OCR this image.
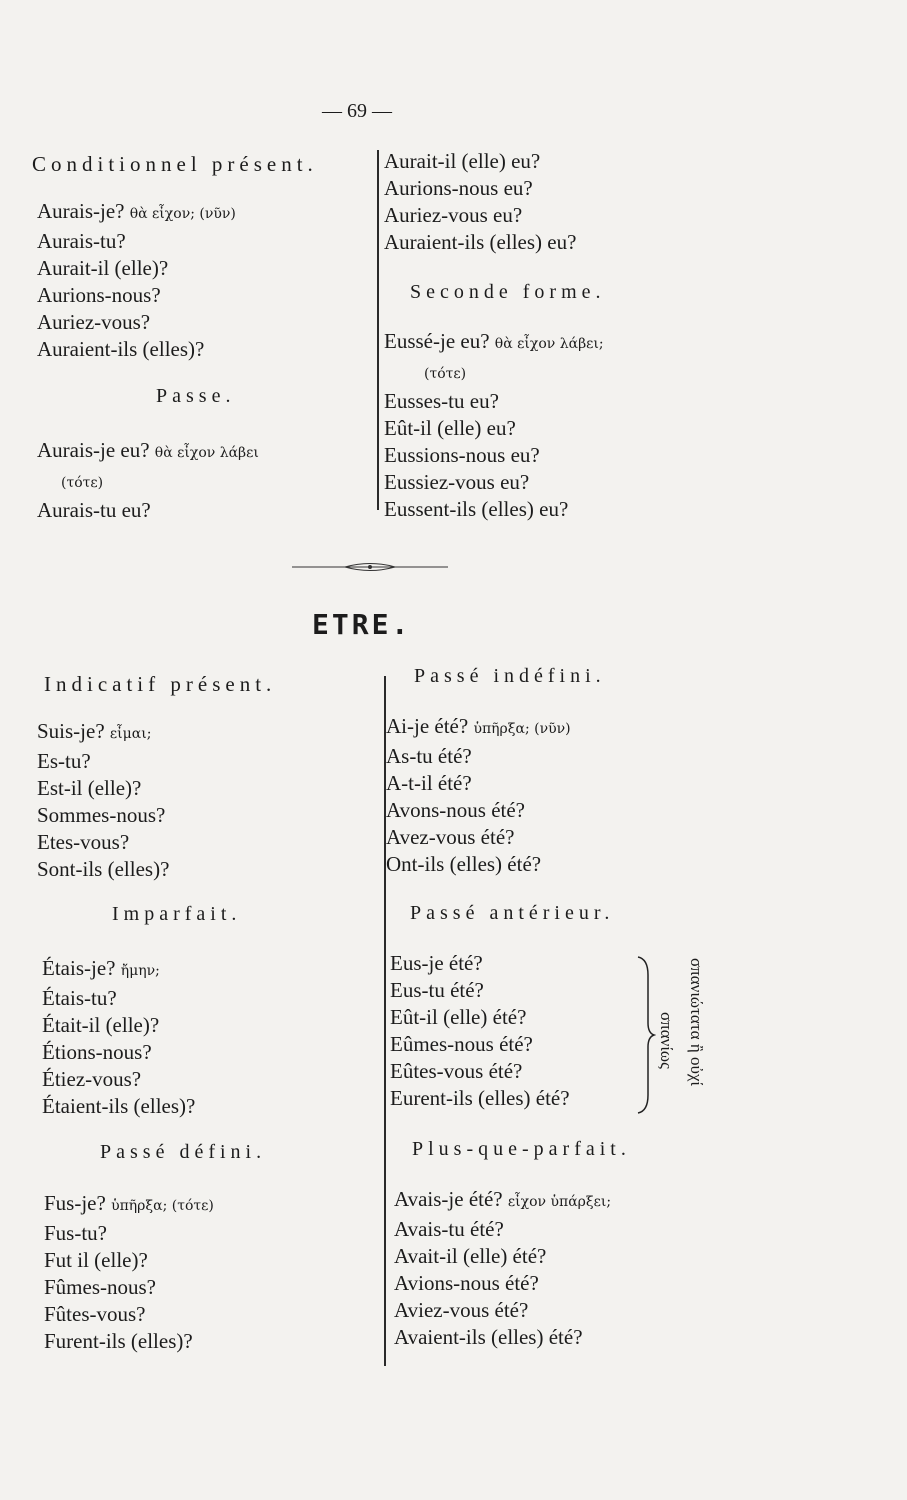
— 69 —
Conditionnel présent.
Aurais-je? θὰ εἶχον; (νῦν)
Aurais-tu?
Aurait-il (elle)?
Aurions-nous?
Auriez-vous?
Auraient-ils (elles)?
Passe.
Aurais-je eu? θὰ εἶχον λάβει
(τότε)
Aurais-tu eu?
Aurait-il (elle) eu?
Aurions-nous eu?
Auriez-vous eu?
Auraient-ils (elles) eu?
Seconde forme.
Eussé-je eu? θὰ εἶχον λάβει;
(τότε)
Eusses-tu eu?
Eût-il (elle) eu?
Eussions-nous eu?
Eussiez-vous eu?
Eussent-ils (elles) eu?
ETRE.
Indicatif présent.
Suis-je? εἶμαι;
Es-tu?
Est-il (elle)?
Sommes-nous?
Etes-vous?
Sont-ils (elles)?
Imparfait.
Étais-je? ἤμην;
Étais-tu?
Était-il (elle)?
Étions-nous?
Étiez-vous?
Étaient-ils (elles)?
Passé défini.
Fus-je? ὑπῆρξα; (τότε)
Fus-tu?
Fut il (elle)?
Fûmes-nous?
Fûtes-vous?
Furent-ils (elles)?
Passé indéfini.
Ai-je été? ὑπῆρξα; (νῦν)
As-tu été?
A-t-il été?
Avons-nous été?
Avez-vous été?
Ont-ils (elles) été?
Passé antérieur.
Eus-je été?
Eus-tu été?
Eût-il (elle) été?
Eûmes-nous été?
Eûtes-vous été?
Eurent-ils (elles) été?
σπανίως σπανιώτατα ἢ οὐχί
Plus-que-parfait.
Avais-je été? εἶχον ὑπάρξει;
Avais-tu été?
Avait-il (elle) été?
Avions-nous été?
Aviez-vous été?
Avaient-ils (elles) été?
